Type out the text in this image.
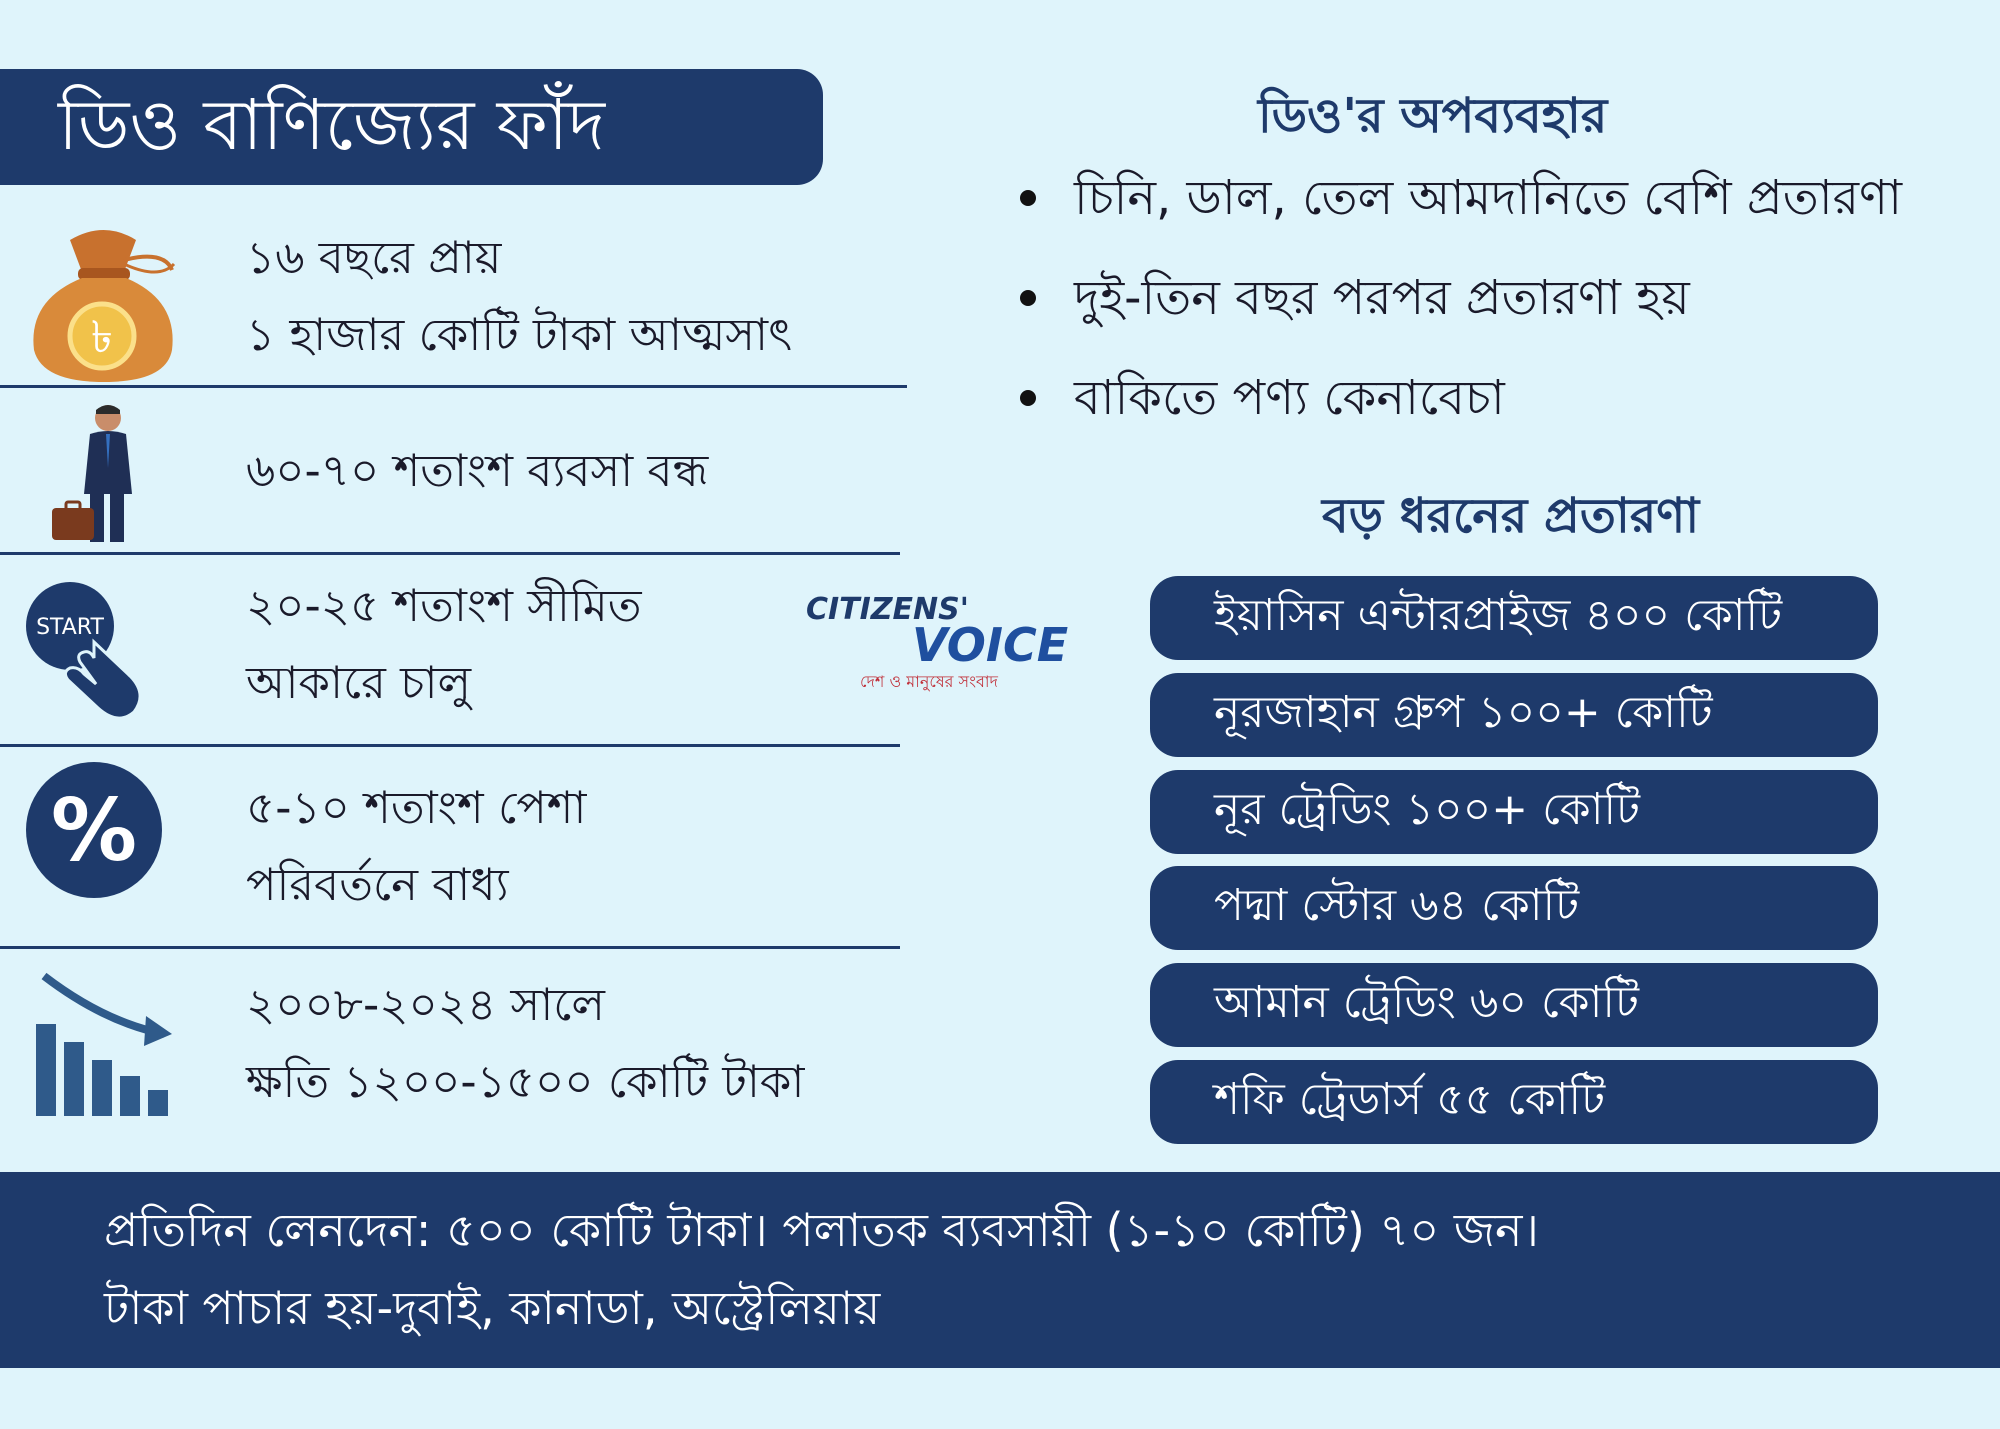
ডিও বাণিজ্যের ফাঁদ
৳
১৬ বছরে প্রায়
১ হাজার কোটি টাকা আত্মসাৎ
৬০-৭০ শতাংশ ব্যবসা বন্ধ
START	২০-২৫ শতাংশ সীমিত
আকারে চালু
% ৫-১০ শতাংশ পেশা
পরিবর্তনে বাধ্য
২০০৮-২০২৪ সালে
ক্ষতি ১২০০-১৫০০ কোটি টাকা
CITIZENS'
VOICE
দেশ ও মানুষের সংবাদ
ডিও'র অপব্যবহার
চিনি, ডাল, তেল আমদানিতে বেশি প্রতারণা
দুই-তিন বছর পরপর প্রতারণা হয়
বাকিতে পণ্য কেনাবেচা
বড় ধরনের প্রতারণা
ইয়াসিন এন্টারপ্রাইজ ৪০০ কোটি
নূরজাহান গ্রুপ ১০০+ কোটি
নূর ট্রেডিং ১০০+ কোটি
পদ্মা স্টোর ৬৪ কোটি
আমান ট্রেডিং ৬০ কোটি
শফি ট্রেডার্স ৫৫ কোটি
প্রতিদিন লেনদেন: ৫০০ কোটি টাকা। পলাতক ব্যবসায়ী (১-১০ কোটি) ৭০ জন।
টাকা পাচার হয়-দুবাই, কানাডা, অস্ট্রেলিয়ায়
